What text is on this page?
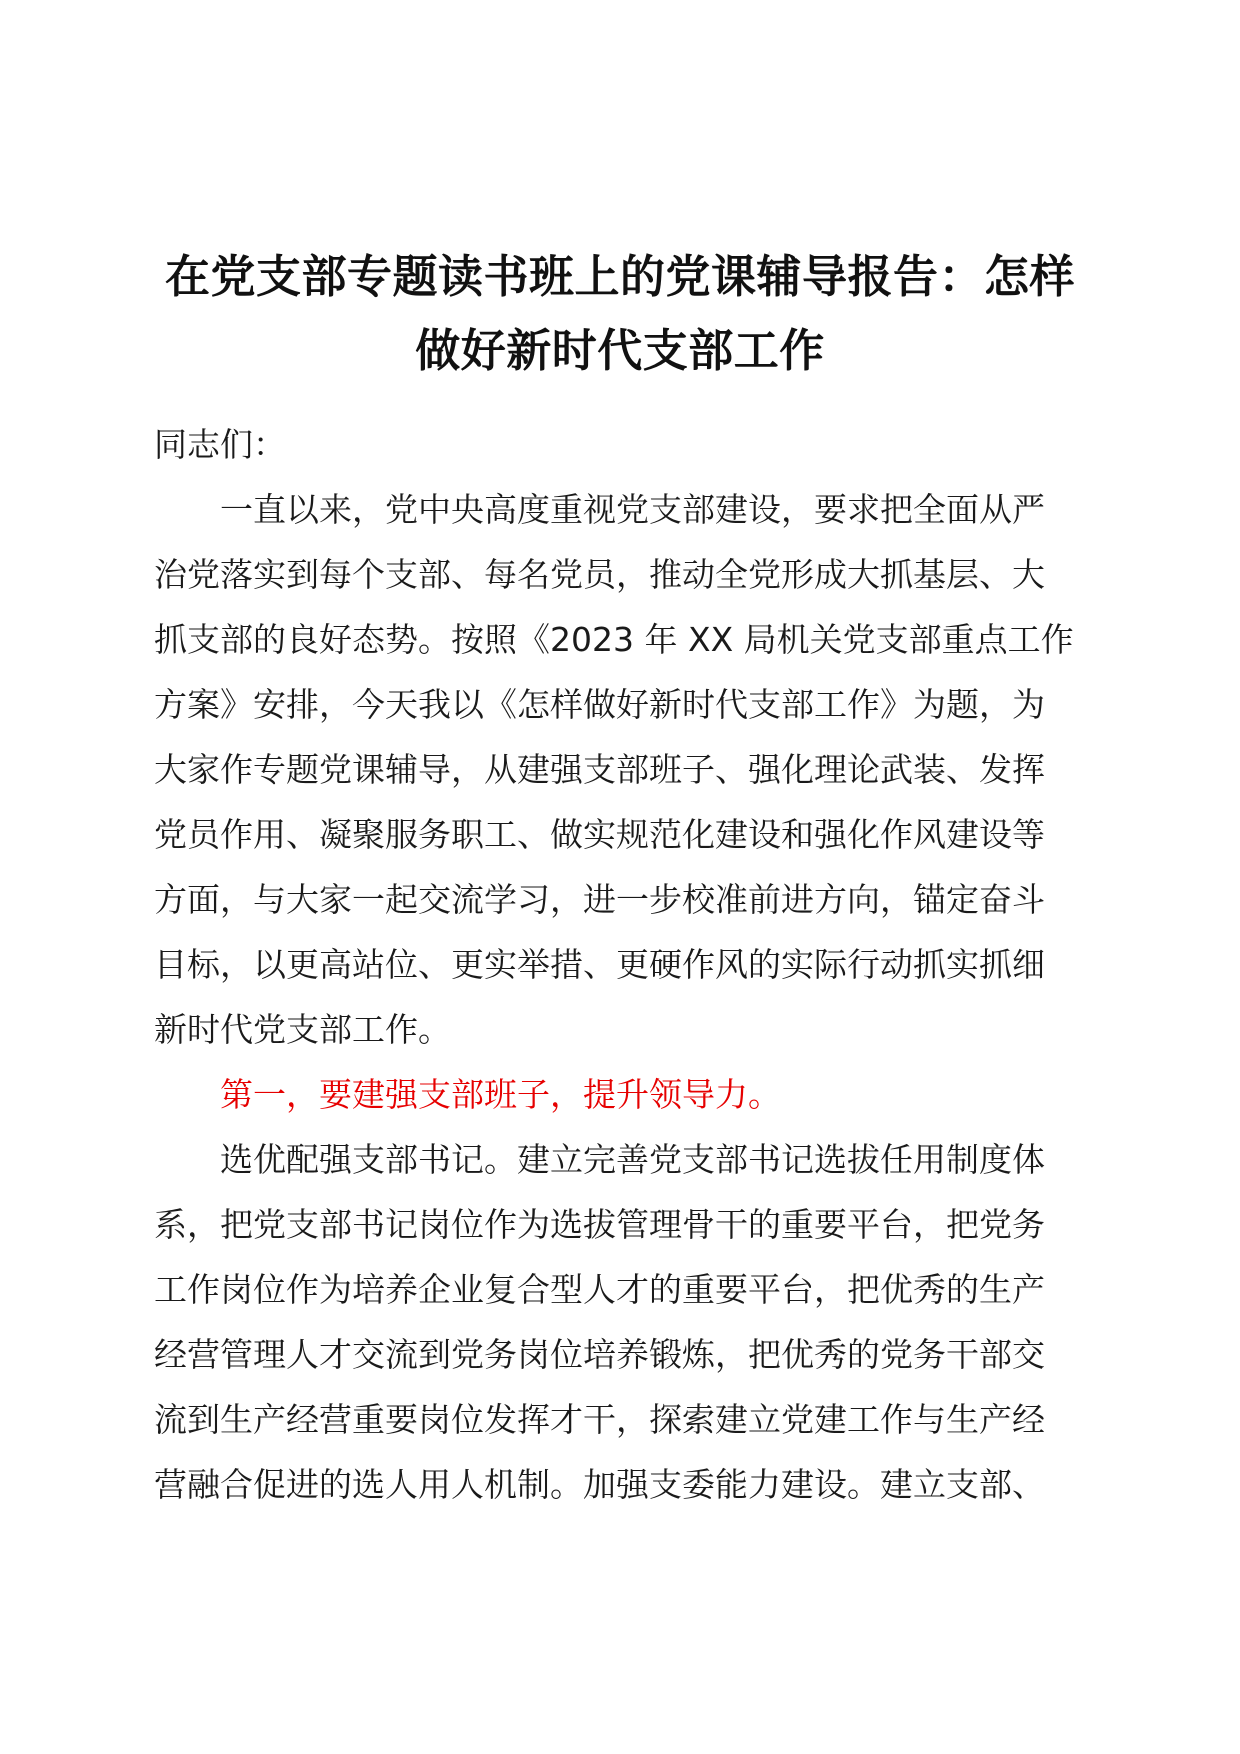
在党支部专题读书班上的党课辅导报告：怎样
做好新时代支部工作
同志们：
一直以来，党中央高度重视党支部建设，要求把全面从严
治党落实到每个支部、每名党员，推动全党形成大抓基层、大
抓支部的良好态势。按照《2023 年 XX 局机关党支部重点工作
方案》安排，今天我以《怎样做好新时代支部工作》为题，为
大家作专题党课辅导，从建强支部班子、强化理论武装、发挥
党员作用、凝聚服务职工、做实规范化建设和强化作风建设等
方面，与大家一起交流学习，进一步校准前进方向，锚定奋斗
目标，以更高站位、更实举措、更硬作风的实际行动抓实抓细
新时代党支部工作。
第一，要建强支部班子，提升领导力。
选优配强支部书记。建立完善党支部书记选拔任用制度体
系，把党支部书记岗位作为选拔管理骨干的重要平台，把党务
工作岗位作为培养企业复合型人才的重要平台，把优秀的生产
经营管理人才交流到党务岗位培养锻炼，把优秀的党务干部交
流到生产经营重要岗位发挥才干，探索建立党建工作与生产经
营融合促进的选人用人机制。加强支委能力建设。建立支部、
